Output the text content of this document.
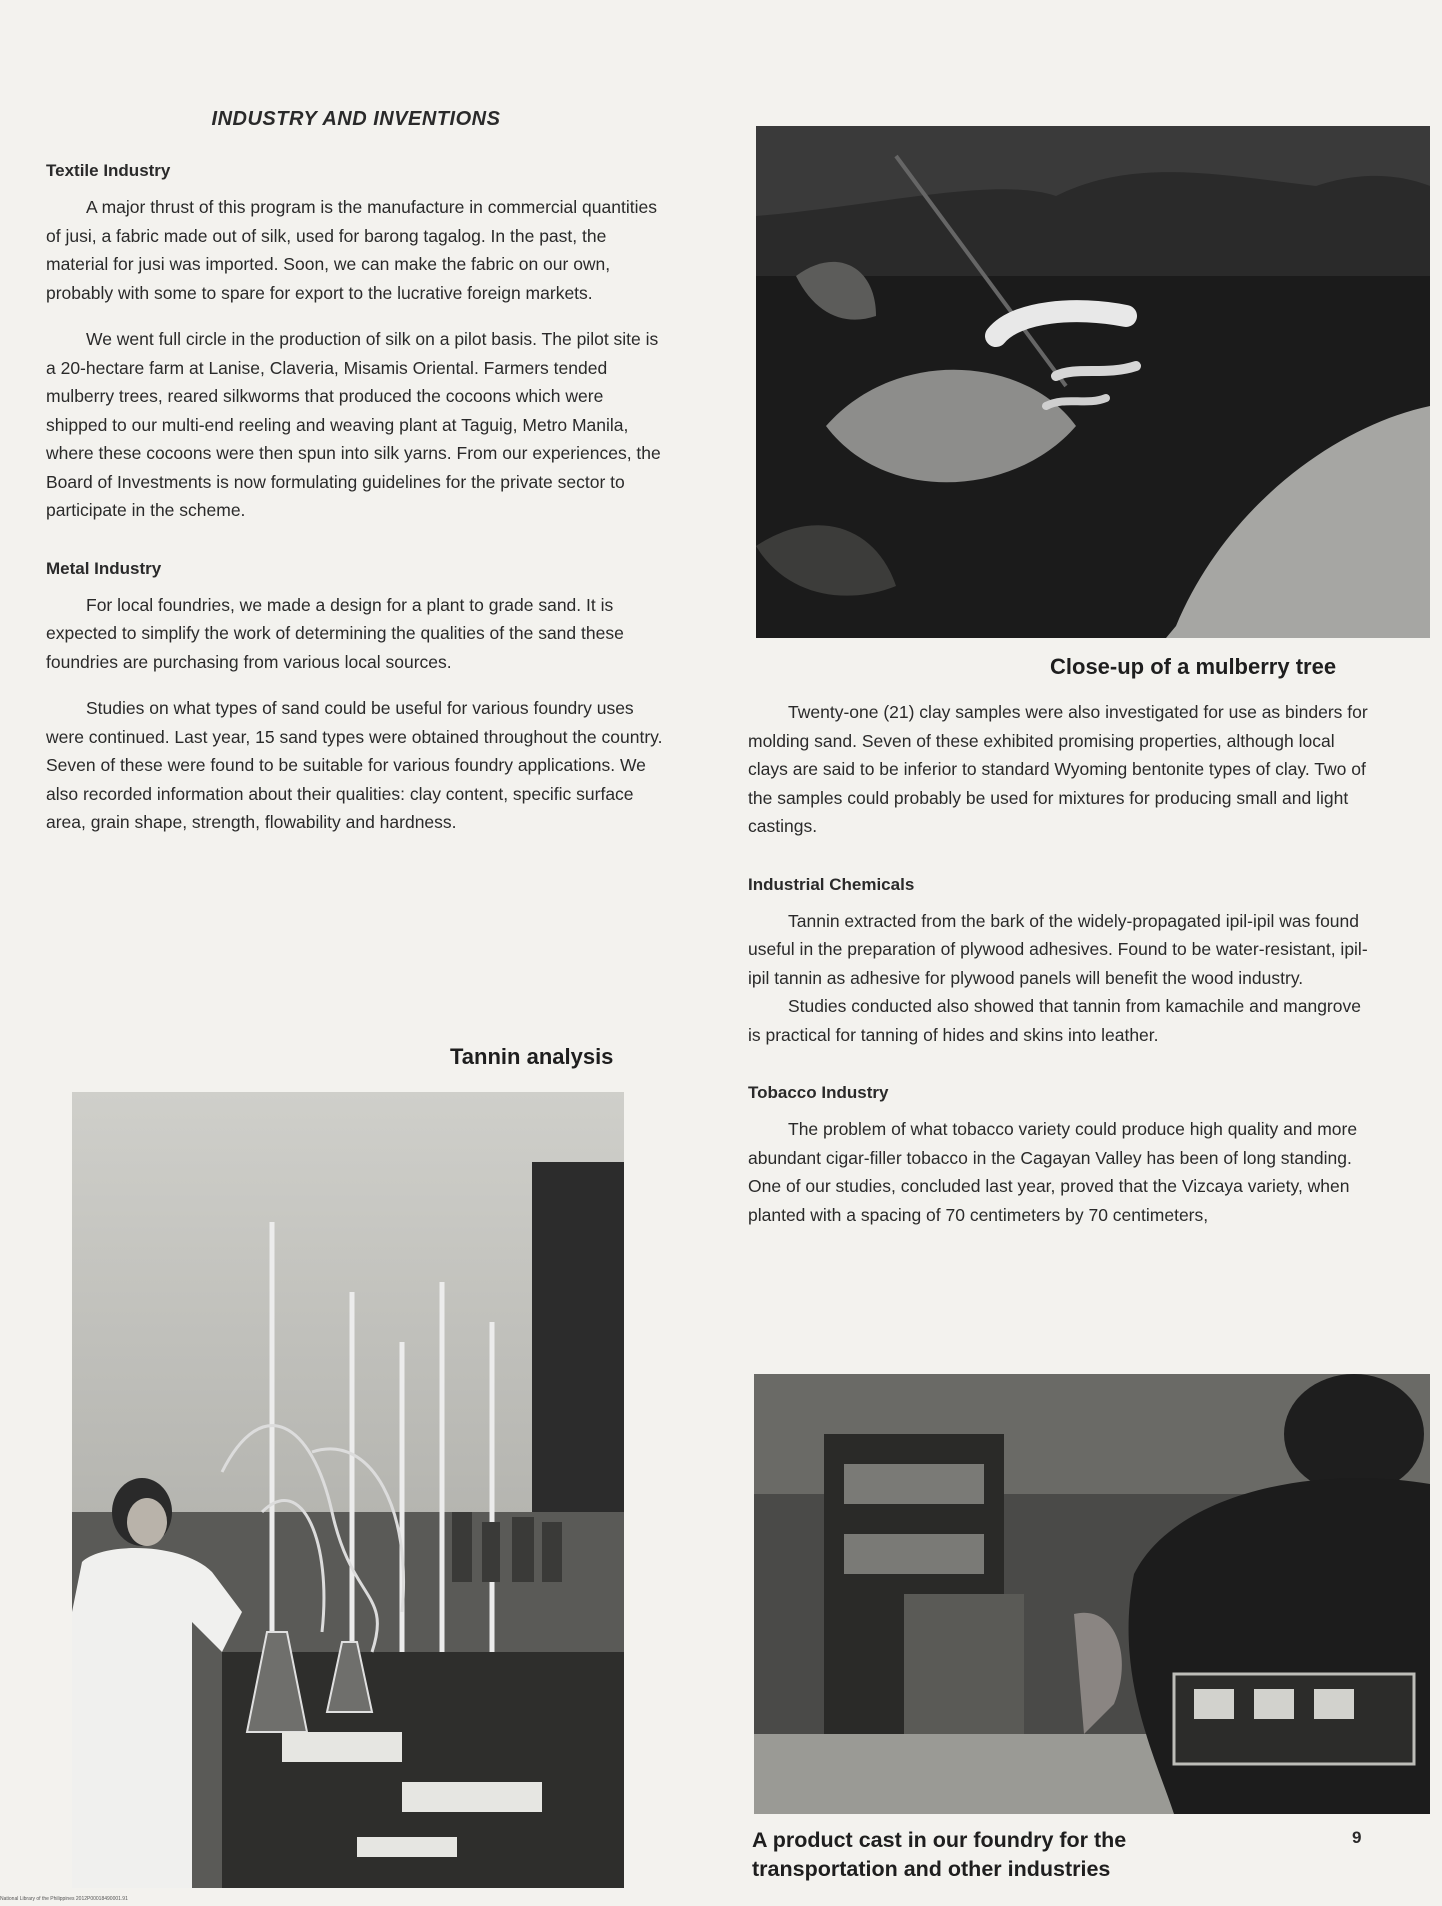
INDUSTRY AND INVENTIONS
Textile Industry

A major thrust of this program is the manufacture in commercial quantities of jusi, a fabric made out of silk, used for barong tagalog. In the past, the material for jusi was imported. Soon, we can make the fabric on our own, probably with some to spare for export to the lucrative foreign markets.

We went full circle in the production of silk on a pilot basis. The pilot site is a 20-hectare farm at Lanise, Claveria, Misamis Oriental. Farmers tended mulberry trees, reared silkworms that produced the cocoons which were shipped to our multi-end reeling and weaving plant at Taguig, Metro Manila, where these cocoons were then spun into silk yarns. From our experiences, the Board of Investments is now formulating guidelines for the private sector to participate in the scheme.

Metal Industry

For local foundries, we made a design for a plant to grade sand. It is expected to simplify the work of determining the qualities of the sand these foundries are purchasing from various local sources.

Studies on what types of sand could be useful for various foundry uses were continued. Last year, 15 sand types were obtained throughout the country. Seven of these were found to be suitable for various foundry applications. We also recorded information about their qualities: clay content, specific surface area, grain shape, strength, flowability and hardness.

Tannin analysis
Close-up of a mulberry tree

Twenty-one (21) clay samples were also investigated for use as binders for molding sand. Seven of these exhibited promising properties, although local clays are said to be inferior to standard Wyoming bentonite types of clay. Two of the samples could probably be used for mixtures for producing small and light castings.

Industrial Chemicals

Tannin extracted from the bark of the widely-propagated ipil-ipil was found useful in the preparation of plywood adhesives. Found to be water-resistant, ipil-ipil tannin as adhesive for plywood panels will benefit the wood industry.

Studies conducted also showed that tannin from kamachile and mangrove is practical for tanning of hides and skins into leather.

Tobacco Industry

The problem of what tobacco variety could produce high quality and more abundant cigar-filler tobacco in the Cagayan Valley has been of long standing. One of our studies, concluded last year, proved that the Vizcaya variety, when planted with a spacing of 70 centimeters by 70 centimeters,

A product cast in our foundry for the transportation and other industries
9
National Library of the Philippines 2012P00018490001.91
